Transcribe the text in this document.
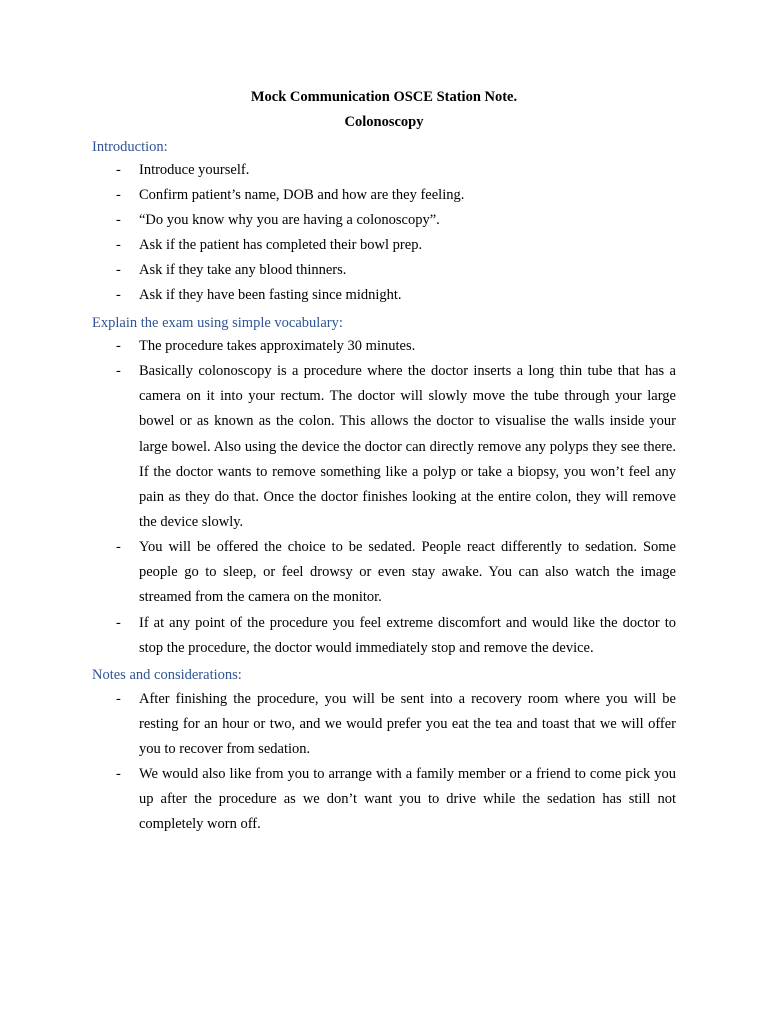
Mock Communication OSCE Station Note.
Colonoscopy
Introduction:
- Introduce yourself.
- Confirm patient’s name, DOB and how are they feeling.
- “Do you know why you are having a colonoscopy”.
- Ask if the patient has completed their bowl prep.
- Ask if they take any blood thinners.
- Ask if they have been fasting since midnight.
Explain the exam using simple vocabulary:
- The procedure takes approximately 30 minutes.
- Basically colonoscopy is a procedure where the doctor inserts a long thin tube that has a camera on it into your rectum. The doctor will slowly move the tube through your large bowel or as known as the colon. This allows the doctor to visualise the walls inside your large bowel. Also using the device the doctor can directly remove any polyps they see there. If the doctor wants to remove something like a polyp or take a biopsy, you won’t feel any pain as they do that. Once the doctor finishes looking at the entire colon, they will remove the device slowly.
- You will be offered the choice to be sedated. People react differently to sedation. Some people go to sleep, or feel drowsy or even stay awake. You can also watch the image streamed from the camera on the monitor.
- If at any point of the procedure you feel extreme discomfort and would like the doctor to stop the procedure, the doctor would immediately stop and remove the device.
Notes and considerations:
- After finishing the procedure, you will be sent into a recovery room where you will be resting for an hour or two, and we would prefer you eat the tea and toast that we will offer you to recover from sedation.
- We would also like from you to arrange with a family member or a friend to come pick you up after the procedure as we don’t want you to drive while the sedation has still not completely worn off.
